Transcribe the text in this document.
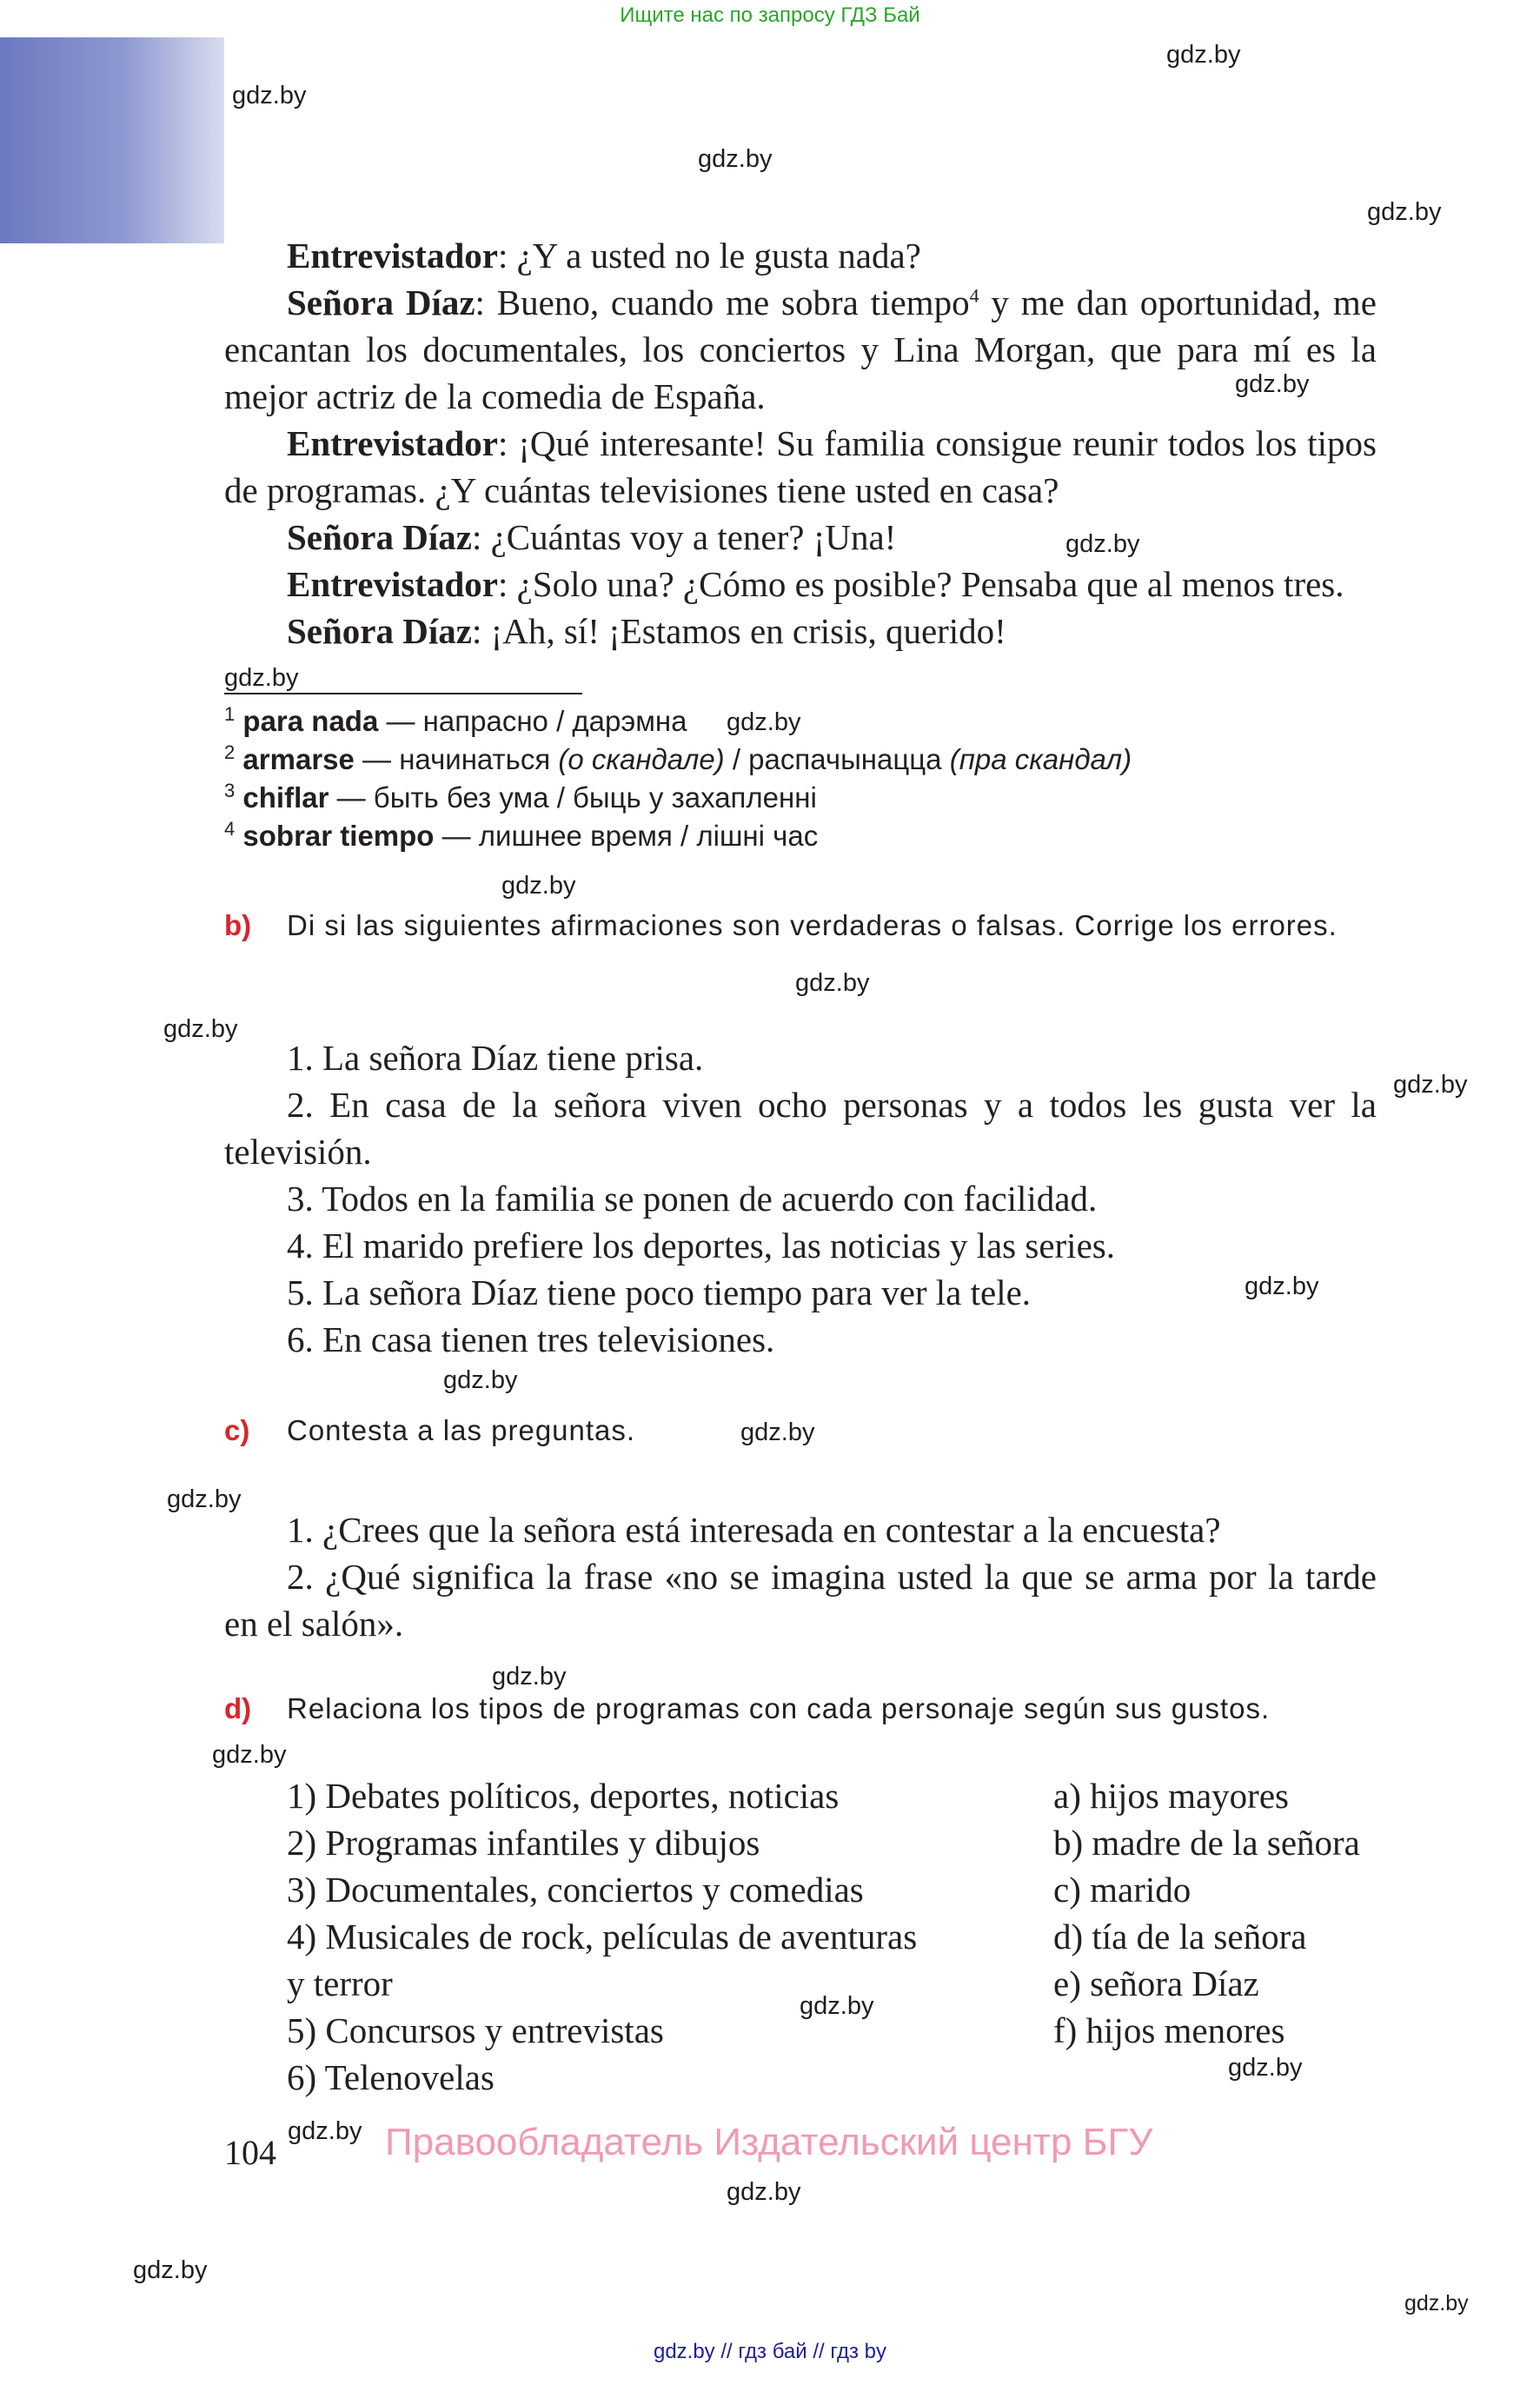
Ищите нас по запросу ГДЗ Бай
gdz.by
gdz.by
gdz.by
gdz.by
gdz.by
gdz.by
gdz.by
gdz.by
gdz.by
gdz.by
gdz.by
gdz.by
gdz.by
gdz.by
gdz.by
gdz.by
gdz.by
gdz.by
gdz.by
gdz.by
gdz.by
gdz.by
gdz.by
gdz.by

Entrevistador: ¿Y a usted no le gusta nada?

Señora Díaz: Bueno, cuando me sobra tiempo$^4$ y me dan oportunidad, me encantan los documentales, los conciertos y Lina Morgan, que para mí es la mejor actriz de la comedia de España.

Entrevistador: ¡Qué interesante! Su familia consigue reunir todos los tipos de programas. ¿Y cuántas televisiones tiene usted en casa?

Señora Díaz: ¿Cuántas voy a tener? ¡Una!

Entrevistador: ¿Solo una? ¿Cómo es posible? Pensaba que al menos tres.

Señora Díaz: ¡Ah, sí! ¡Estamos en crisis, querido!

$^1$ para nada — напрасно / дарэмна
$^2$ armarse — начинаться (о скандале) / распачынацца (пра скандал)
$^3$ chiflar — быть без ума / быць у захапленні
$^4$ sobrar tiempo — лишнее время / лішні час
b) Di si las siguientes afirmaciones son verdaderas o falsas. Corrige los errores.

1. La señora Díaz tiene prisa.

2. En casa de la señora viven ocho personas y a todos les gusta ver la televisión.

3. Todos en la familia se ponen de acuerdo con facilidad.

4. El marido prefiere los deportes, las noticias y las series.

5. La señora Díaz tiene poco tiempo para ver la tele.

6. En casa tienen tres televisiones.

c) Contesta a las preguntas.

1. ¿Crees que la señora está interesada en contestar a la encuesta?

2. ¿Qué significa la frase «no se imagina usted la que se arma por la tarde en el salón».

d) Relaciona los tipos de programas con cada personaje según sus gustos.
1) Debates políticos, deportes, noticias
2) Programas infantiles y dibujos
3) Documentales, conciertos y comedias
4) Musicales de rock, películas de aventuras
y terror
5) Concursos y entrevistas
6) Telenovelas
a) hijos mayores
b) madre de la señora
c) marido
d) tía de la señora
e) señora Díaz
f) hijos menores
104	Правообладатель Издательский центр БГУ
gdz.by // гдз бай // гдз by
